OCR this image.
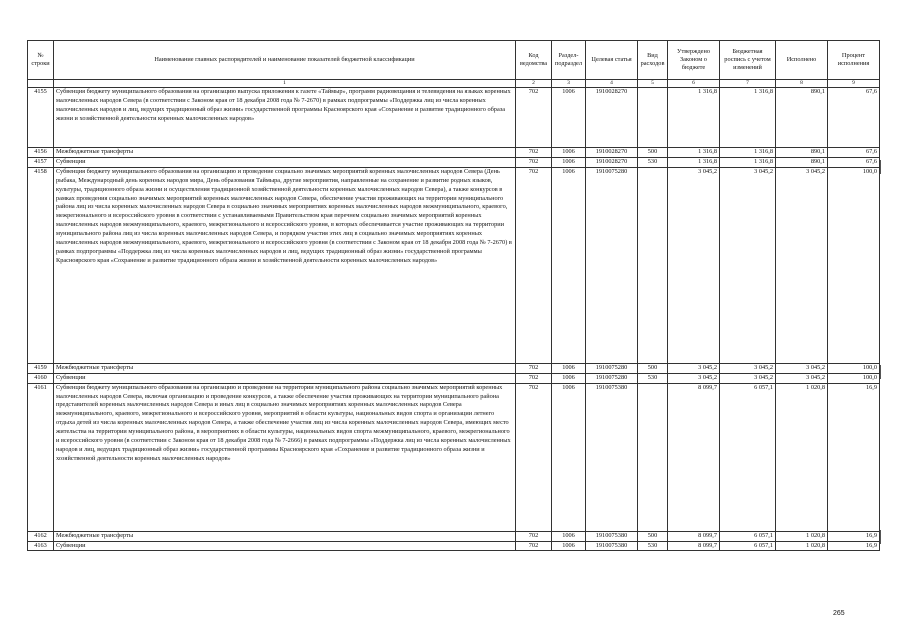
№ строки	Наименование главных распорядителей и наименование показателей бюджетной классификации	Код ведомства	Раздел-подраздел	Целевая статья	Вид расходов	Утверждено Законом о бюджете	Бюджетная роспись с учетом изменений	Исполнено	Процент исполнения
	1	2	3	4	5	6	7	8	9
4155	Субвенция бюджету муниципального образования на организацию выпуска приложения к газете «Таймыр», программ радиовещания и телевидения на языках коренных малочисленных народов Севера (в соответствии с Законом края от 18 декабря 2008 года № 7-2670) в рамках подпрограммы «Поддержка лиц из числа коренных малочисленных народов и лиц, ведущих традиционный образ жизни» государственной программы Красноярского края «Сохранение и развитие традиционного образа жизни и хозяйственной деятельности коренных малочисленных народов»	702	1006	1910028270		1 316,8	1 316,8	890,1	67,6
4156	Межбюджетные трансферты	702	1006	1910028270	500	1 316,8	1 316,8	890,1	67,6
4157	Субвенции	702	1006	1910028270	530	1 316,8	1 316,8	890,1	67,6
4158	Субвенция бюджету муниципального образования на организацию и проведение социально значимых мероприятий коренных малочисленных народов Севера (День рыбака, Международный день коренных народов мира, День образования Таймыра, другие мероприятия, направленные на сохранение и развитие родных языков, культуры, традиционного образа жизни и осуществления традиционной хозяйственной деятельности коренных малочисленных народов Севера), а также конкурсов в рамках проведения социально значимых мероприятий коренных малочисленных народов Севера, обеспечение участия проживающих на территории муниципального района лиц из числа коренных малочисленных народов Севера в социально значимых мероприятиях коренных малочисленных народов межмуниципального, краевого, межрегионального и всероссийского уровня в соответствии с устанавливаемыми Правительством края перечнем социально значимых мероприятий коренных малочисленных народов межмуниципального, краевого, межрегионального и всероссийского уровня, в которых обеспечивается участие проживающих на территории муниципального района лиц из числа коренных малочисленных народов Севера, и порядком участия этих лиц в социально значимых мероприятиях коренных малочисленных народов межмуниципального, краевого, межрегионального и всероссийского уровня (в соответствии с Законом края от 18 декабря 2008 года № 7-2670) в рамках подпрограммы «Поддержка лиц из числа коренных малочисленных народов и лиц, ведущих традиционный образ жизни» государственной программы Красноярского края «Сохранение и развитие традиционного образа жизни и хозяйственной деятельности коренных малочисленных народов»	702	1006	1910075280		3 045,2	3 045,2	3 045,2	100,0
4159	Межбюджетные трансферты	702	1006	1910075280	500	3 045,2	3 045,2	3 045,2	100,0
4160	Субвенции	702	1006	1910075280	530	3 045,2	3 045,2	3 045,2	100,0
4161	Субвенция бюджету муниципального образования на организацию и проведение на территории муниципального района социально значимых мероприятий коренных малочисленных народов Севера, включая организацию и проведение конкурсов, а также обеспечение участия проживающих на территории муниципального района представителей коренных малочисленных народов Севера и иных лиц в социально значимых мероприятиях коренных малочисленных народов Севера межмуниципального, краевого, межрегионального и всероссийского уровня, мероприятий в области культуры, национальных видов спорта и организации летнего отдыха детей из числа коренных малочисленных народов Севера, а также обеспечение участия лиц из числа коренных малочисленных народов Севера, имеющих место жительства на территории муниципального района, в мероприятиях в области культуры, национальных видов спорта межмуниципального, краевого, межрегионального и всероссийского уровня (в соответствии с Законом края от 18 декабря 2008 года № 7-2666) в рамках подпрограммы «Поддержка лиц из числа коренных малочисленных народов и лиц, ведущих традиционный образ жизни» государственной программы Красноярского края «Сохранение и развитие традиционного образа жизни и хозяйственной деятельности коренных малочисленных народов»	702	1006	1910075380		8 099,7	6 057,1	1 020,8	16,9
4162	Межбюджетные трансферты	702	1006	1910075380	500	8 099,7	6 057,1	1 020,8	16,9
4163	Субвенции	702	1006	1910075380	530	8 099,7	6 057,1	1 020,8	16,9
265
